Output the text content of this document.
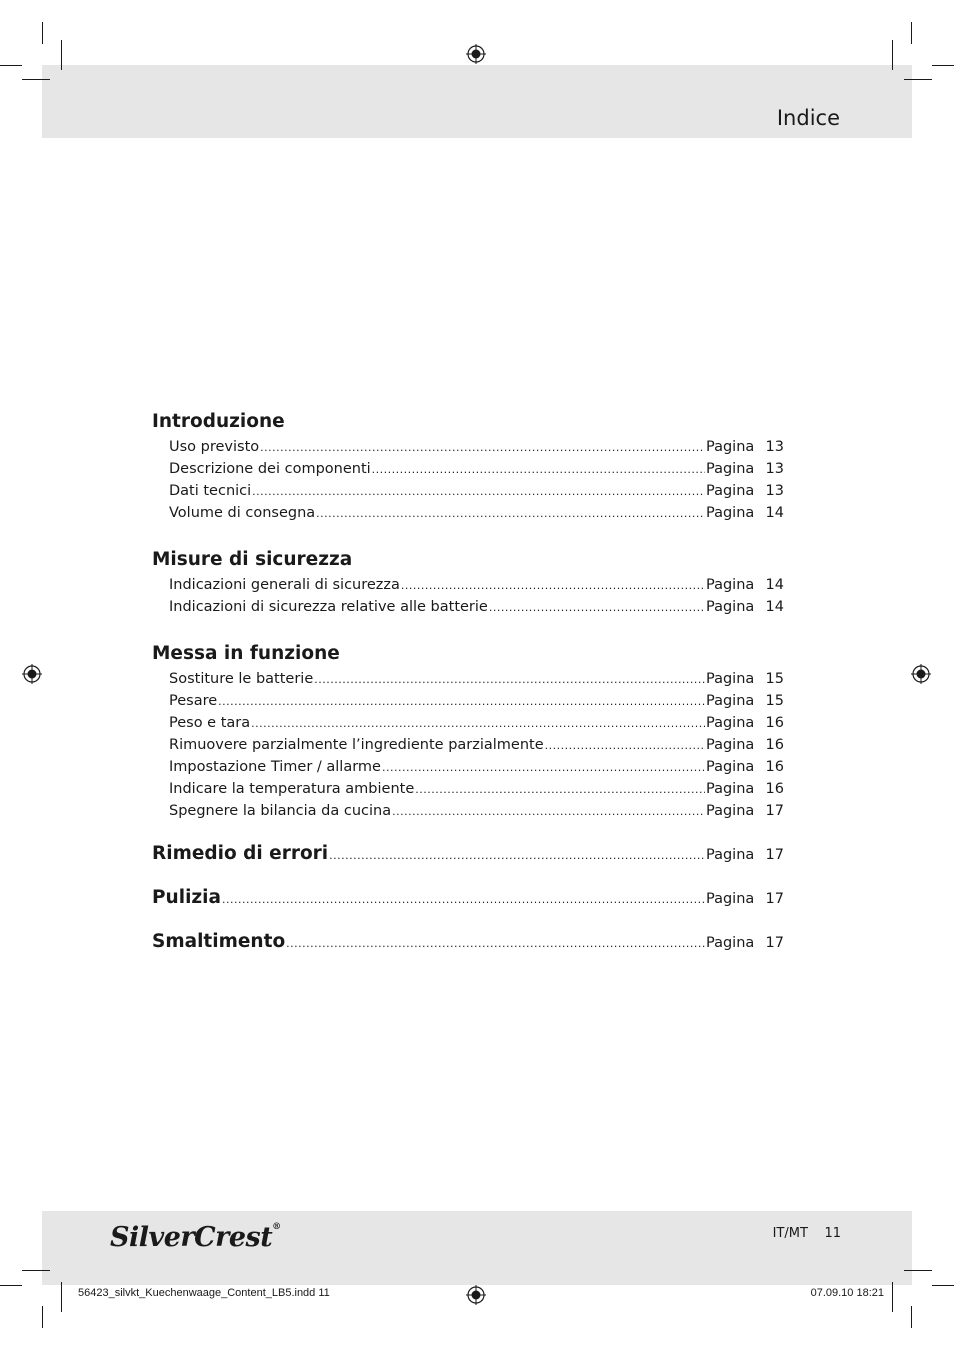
Indice
Introduzione
Uso previsto .....	Pagina 13
Descrizione dei componenti .....	Pagina 13
Dati tecnici .....	Pagina 13
Volume di consegna .....	Pagina 14
Misure di sicurezza
Indicazioni generali di sicurezza .....	Pagina 14
Indicazioni di sicurezza relative alle batterie .....	Pagina 14
Messa in funzione
Sostiture le batterie .....	Pagina 15
Pesare .....	Pagina 15
Peso e tara .....	Pagina 16
Rimuovere parzialmente l’ingrediente parzialmente .....	Pagina 16
Impostazione Timer / allarme .....	Pagina 16
Indicare la temperatura ambiente .....	Pagina 16
Spegnere la bilancia da cucina .....	Pagina 17
Rimedio di errori .....	Pagina 17
Pulizia .....	Pagina 17
Smaltimento .....	Pagina 17
SilverCrest®	IT/MT 11
56423_silvkt_Kuechenwaage_Content_LB5.indd 11	07.09.10 18:21
